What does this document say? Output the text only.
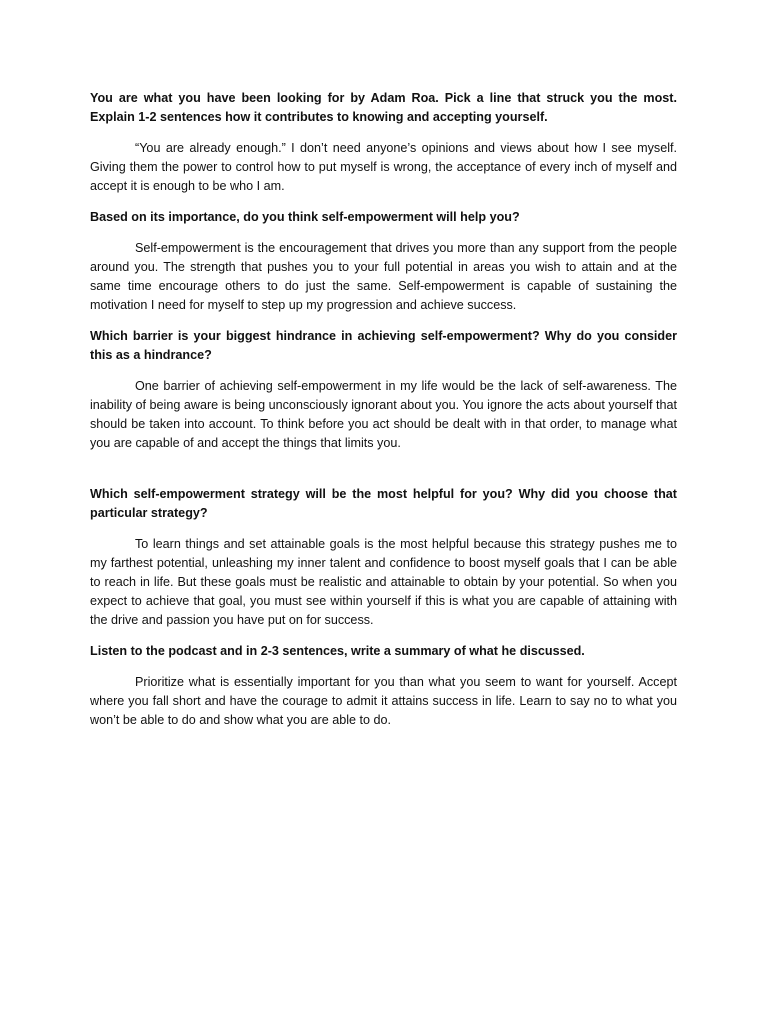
You are what you have been looking for by Adam Roa. Pick a line that struck you the most. Explain 1-2 sentences how it contributes to knowing and accepting yourself.

“You are already enough.” I don’t need anyone’s opinions and views about how I see myself. Giving them the power to control how to put myself is wrong, the acceptance of every inch of myself and accept it is enough to be who I am.

Based on its importance, do you think self-empowerment will help you?

Self-empowerment is the encouragement that drives you more than any support from the people around you. The strength that pushes you to your full potential in areas you wish to attain and at the same time encourage others to do just the same. Self-empowerment is capable of sustaining the motivation I need for myself to step up my progression and achieve success.

Which barrier is your biggest hindrance in achieving self-empowerment? Why do you consider this as a hindrance?

One barrier of achieving self-empowerment in my life would be the lack of self-awareness. The inability of being aware is being unconsciously ignorant about you. You ignore the acts about yourself that should be taken into account. To think before you act should be dealt with in that order, to manage what you are capable of and accept the things that limits you.

Which self-empowerment strategy will be the most helpful for you? Why did you choose that particular strategy?

To learn things and set attainable goals is the most helpful because this strategy pushes me to my farthest potential, unleashing my inner talent and confidence to boost myself goals that I can be able to reach in life. But these goals must be realistic and attainable to obtain by your potential. So when you expect to achieve that goal, you must see within yourself if this is what you are capable of attaining with the drive and passion you have put on for success.

Listen to the podcast and in 2-3 sentences, write a summary of what he discussed.

Prioritize what is essentially important for you than what you seem to want for yourself. Accept where you fall short and have the courage to admit it attains success in life. Learn to say no to what you won’t be able to do and show what you are able to do.
